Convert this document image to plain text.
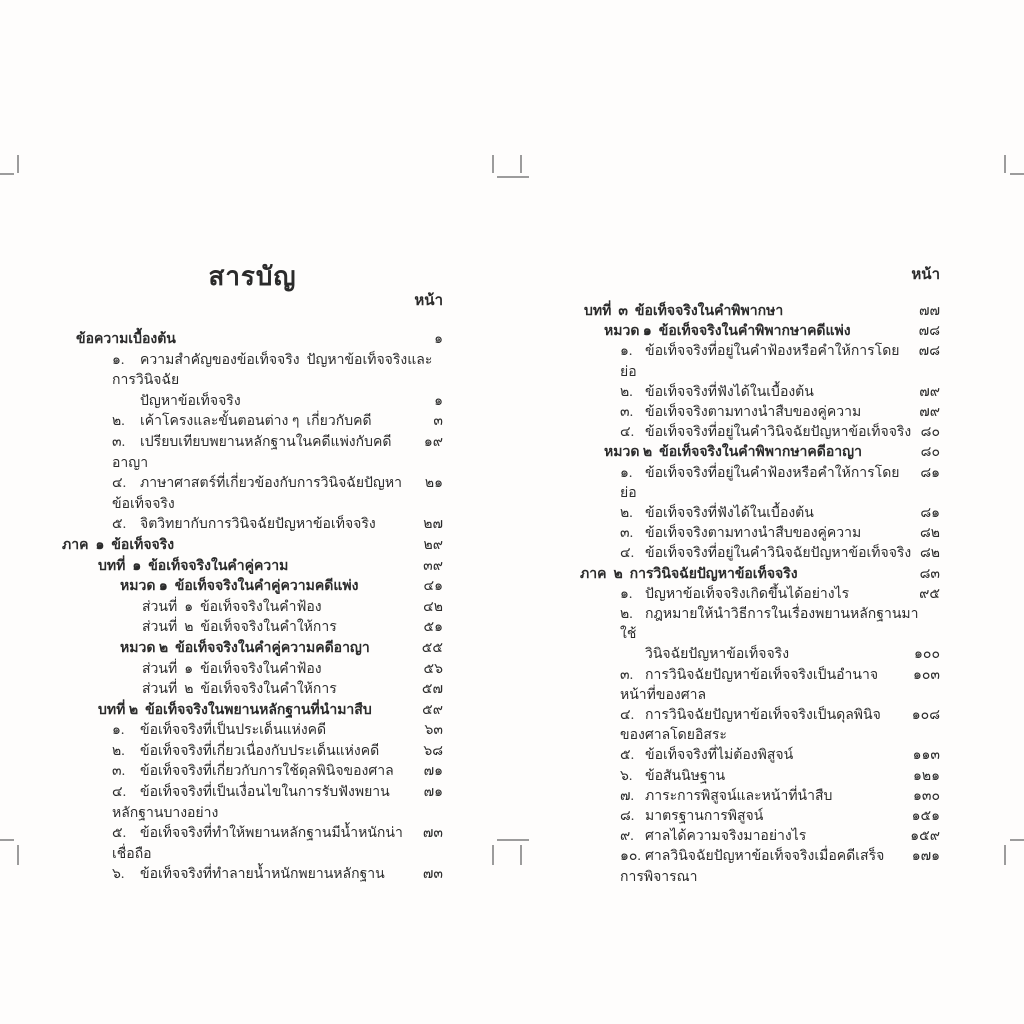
สารบัญ
หน้า
ข้อความเบื้องต้น	๑
๑. ความสำคัญของข้อเท็จจริง  ปัญหาข้อเท็จจริงและการวินิจฉัย
ปัญหาข้อเท็จจริง	๑
๒. เค้าโครงและขั้นตอนต่าง ๆ  เกี่ยวกับคดี	๓
๓. เปรียบเทียบพยานหลักฐานในคดีแพ่งกับคดีอาญา
๑๙
๔. ภาษาศาสตร์ที่เกี่ยวข้องกับการวินิจฉัยปัญหาข้อเท็จจริง
๒๑
๕. จิตวิทยากับการวินิจฉัยปัญหาข้อเท็จจริง	๒๗
ภาค  ๑  ข้อเท็จจริง	๒๙
บทที่  ๑  ข้อเท็จจริงในคำคู่ความ	๓๙
หมวด ๑  ข้อเท็จจริงในคำคู่ความคดีแพ่ง	๔๑
ส่วนที่  ๑  ข้อเท็จจริงในคำฟ้อง	๔๒
ส่วนที่  ๒  ข้อเท็จจริงในคำให้การ	๕๑
หมวด ๒  ข้อเท็จจริงในคำคู่ความคดีอาญา	๕๕
ส่วนที่  ๑  ข้อเท็จจริงในคำฟ้อง	๕๖
ส่วนที่  ๒  ข้อเท็จจริงในคำให้การ	๕๗
บทที่ ๒  ข้อเท็จจริงในพยานหลักฐานที่นำมาสืบ	๕๙
๑. ข้อเท็จจริงที่เป็นประเด็นแห่งคดี	๖๓
๒. ข้อเท็จจริงที่เกี่ยวเนื่องกับประเด็นแห่งคดี	๖๘
๓. ข้อเท็จจริงที่เกี่ยวกับการใช้ดุลพินิจของศาล	๗๑
๔. ข้อเท็จจริงที่เป็นเงื่อนไขในการรับฟังพยานหลักฐานบางอย่าง
๗๑
๕. ข้อเท็จจริงที่ทำให้พยานหลักฐานมีน้ำหนักน่าเชื่อถือ
๗๓
๖. ข้อเท็จจริงที่ทำลายน้ำหนักพยานหลักฐาน	๗๓
หน้า
บทที่  ๓  ข้อเท็จจริงในคำพิพากษา	๗๗
หมวด ๑  ข้อเท็จจริงในคำพิพากษาคดีแพ่ง	๗๘
๑. ข้อเท็จจริงที่อยู่ในคำฟ้องหรือคำให้การโดยย่อ
๗๘
๒. ข้อเท็จจริงที่ฟังได้ในเบื้องต้น	๗๙
๓. ข้อเท็จจริงตามทางนำสืบของคู่ความ	๗๙
๔. ข้อเท็จจริงที่อยู่ในคำวินิจฉัยปัญหาข้อเท็จจริง ๘๐
หมวด ๒  ข้อเท็จจริงในคำพิพากษาคดีอาญา	๘๐
๑. ข้อเท็จจริงที่อยู่ในคำฟ้องหรือคำให้การโดยย่อ
๘๑
๒. ข้อเท็จจริงที่ฟังได้ในเบื้องต้น	๘๑
๓. ข้อเท็จจริงตามทางนำสืบของคู่ความ	๘๒
๔. ข้อเท็จจริงที่อยู่ในคำวินิจฉัยปัญหาข้อเท็จจริง ๘๒
ภาค  ๒  การวินิจฉัยปัญหาข้อเท็จจริง	๘๓
๑. ปัญหาข้อเท็จจริงเกิดขึ้นได้อย่างไร	๙๕
๒. กฎหมายให้นำวิธีการในเรื่องพยานหลักฐานมาใช้
วินิจฉัยปัญหาข้อเท็จจริง	๑๐๐
๓. การวินิจฉัยปัญหาข้อเท็จจริงเป็นอำนาจหน้าที่ของศาล
๑๐๓
๔. การวินิจฉัยปัญหาข้อเท็จจริงเป็นดุลพินิจของศาลโดยอิสระ
๑๐๘
๕. ข้อเท็จจริงที่ไม่ต้องพิสูจน์	๑๑๓
๖. ข้อสันนิษฐาน	๑๒๑
๗. ภาระการพิสูจน์และหน้าที่นำสืบ	๑๓๐
๘. มาตรฐานการพิสูจน์	๑๕๑
๙. ศาลได้ความจริงมาอย่างไร	๑๕๙
๑๐. ศาลวินิจฉัยปัญหาข้อเท็จจริงเมื่อคดีเสร็จการพิจารณา
๑๗๑
